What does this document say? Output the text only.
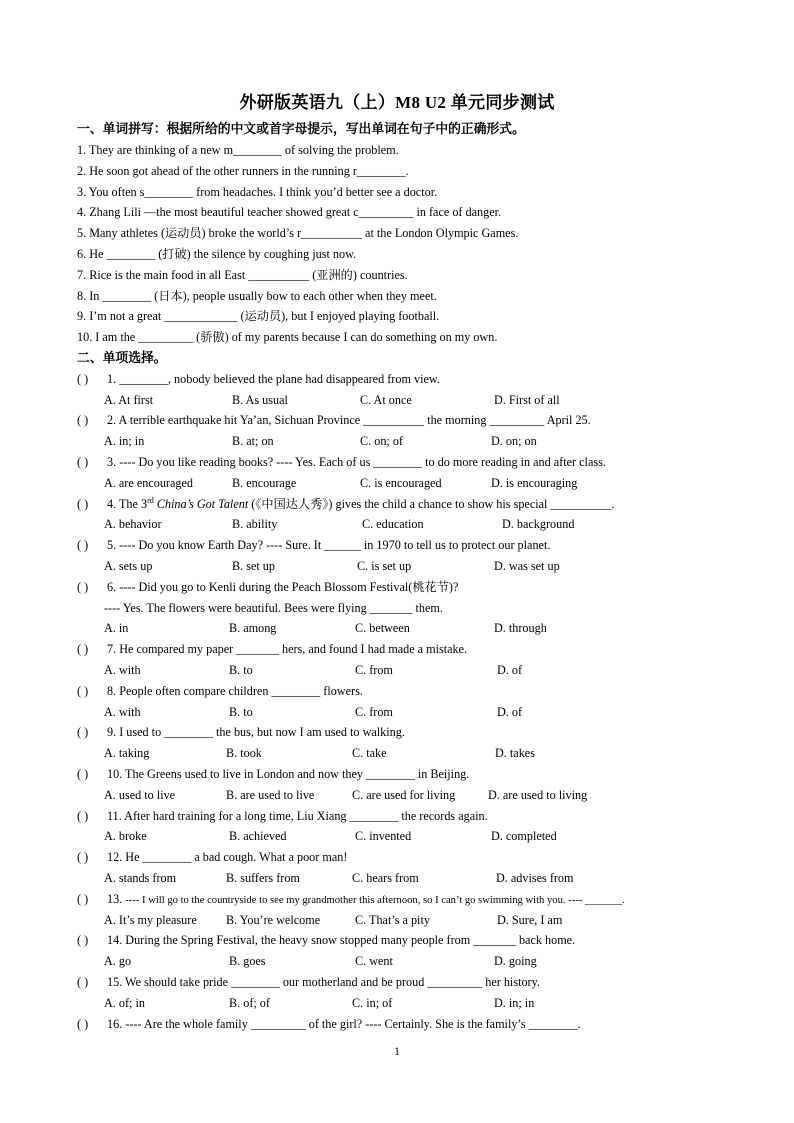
外研版英语九（上）M8 U2 单元同步测试
一、单词拼写：根据所给的中文或首字母提示，写出单词在句子中的正确形式。
1. They are thinking of a new m________ of solving the problem.
2. He soon got ahead of the other runners in the running r________.
3. You often s________ from headaches. I think you’d better see a doctor.
4. Zhang Lili —the most beautiful teacher showed great c_________ in face of danger.
5. Many athletes (运动员) broke the world’s r__________ at the London Olympic Games.
6. He ________ (打破) the silence by coughing just now.
7. Rice is the main food in all East __________ (亚洲的) countries.
8. In ________ (日本), people usually bow to each other when they meet.
9. I’m not a great ____________ (运动员), but I enjoyed playing football.
10. I am the _________ (骄傲) of my parents because I can do something on my own.
二、单项选择。
( ) 1. ________, nobody believed the plane had disappeared from view.
A. At first	B. As usual	C. At once	D. First of all
( ) 2. A terrible earthquake hit Ya’an, Sichuan Province __________ the morning _________ April 25.
A. in; in	B. at; on	C. on; of	D. on; on
( ) 3. ---- Do you like reading books? ---- Yes. Each of us ________ to do more reading in and after class.
A. are encouraged	B. encourage	C. is encouraged	D. is encouraging
( ) 4. The 3rd China’s Got Talent (《中国达人秀》) gives the child a chance to show his special __________.
A. behavior	B. ability	C. education	D. background
( ) 5. ---- Do you know Earth Day? ---- Sure. It ______ in 1970 to tell us to protect our planet.
A. sets up	B. set up	C. is set up	D. was set up
( ) 6. ---- Did you go to Kenli during the Peach Blossom Festival(桃花节)?
---- Yes. The flowers were beautiful. Bees were flying _______ them.
A. in	B. among	C. between	D. through
( ) 7. He compared my paper _______ hers, and found I had made a mistake.
A. with	B. to	C. from	D. of
( ) 8. People often compare children ________ flowers.
A. with	B. to	C. from	D. of
( ) 9. I used to ________ the bus, but now I am used to walking.
A. taking	B. took	C. take	D. takes
( ) 10. The Greens used to live in London and now they ________ in Beijing.
A. used to live	B. are used to live	C. are used for living	D. are used to living
( ) 11. After hard training for a long time, Liu Xiang ________ the records again.
A. broke	B. achieved	C. invented	D. completed
( ) 12. He ________ a bad cough. What a poor man!
A. stands from	B. suffers from	C. hears from	D. advises from
( ) 13. ---- I will go to the countryside to see my grandmother this afternoon, so I can’t go swimming with you. ---- _______.
A. It’s my pleasure B. You’re welcome	C. That’s a pity	D. Sure, I am
( ) 14. During the Spring Festival, the heavy snow stopped many people from _______ back home.
A. go	B. goes	C. went	D. going
( ) 15. We should take pride ________ our motherland and be proud _________ her history.
A. of; in	B. of; of	C. in; of	D. in; in
( ) 16. ---- Are the whole family _________ of the girl? ---- Certainly. She is the family’s ________.
1
